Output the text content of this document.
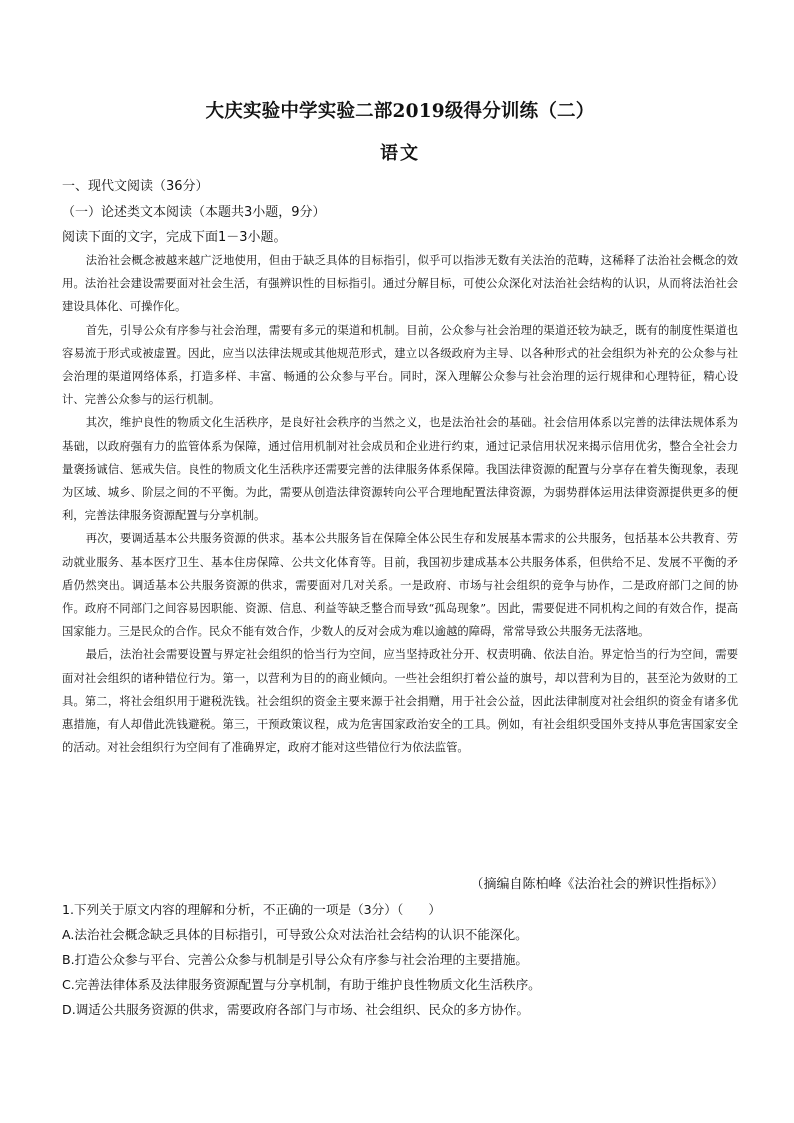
大庆实验中学实验二部2019级得分训练（二）
语文
一、现代文阅读（36分）
（一）论述类文本阅读（本题共3小题，9分）
阅读下面的文字，完成下面1－3小题。

法治社会概念被越来越广泛地使用，但由于缺乏具体的目标指引，似乎可以指涉无数有关法治的范畴，这稀释了法治社会概念的效用。法治社会建设需要面对社会生活，有强辨识性的目标指引。通过分解目标，可使公众深化对法治社会结构的认识，从而将法治社会建设具体化、可操作化。

首先，引导公众有序参与社会治理，需要有多元的渠道和机制。目前，公众参与社会治理的渠道还较为缺乏，既有的制度性渠道也容易流于形式或被虚置。因此，应当以法律法规或其他规范形式，建立以各级政府为主导、以各种形式的社会组织为补充的公众参与社会治理的渠道网络体系，打造多样、丰富、畅通的公众参与平台。同时，深入理解公众参与社会治理的运行规律和心理特征，精心设计、完善公众参与的运行机制。

其次，维护良性的物质文化生活秩序，是良好社会秩序的当然之义，也是法治社会的基础。社会信用体系以完善的法律法规体系为基础，以政府强有力的监管体系为保障，通过信用机制对社会成员和企业进行约束，通过记录信用状况来揭示信用优劣，整合全社会力量褒扬诚信、惩戒失信。良性的物质文化生活秩序还需要完善的法律服务体系保障。我国法律资源的配置与分享存在着失衡现象，表现为区域、城乡、阶层之间的不平衡。为此，需要从创造法律资源转向公平合理地配置法律资源，为弱势群体运用法律资源提供更多的便利，完善法律服务资源配置与分享机制。

再次，要调适基本公共服务资源的供求。基本公共服务旨在保障全体公民生存和发展基本需求的公共服务，包括基本公共教育、劳动就业服务、基本医疗卫生、基本住房保障、公共文化体育等。目前，我国初步建成基本公共服务体系，但供给不足、发展不平衡的矛盾仍然突出。调适基本公共服务资源的供求，需要面对几对关系。一是政府、市场与社会组织的竞争与协作，二是政府部门之间的协作。政府不同部门之间容易因职能、资源、信息、利益等缺乏整合而导致“孤岛现象”。因此，需要促进不同机构之间的有效合作，提高国家能力。三是民众的合作。民众不能有效合作，少数人的反对会成为难以逾越的障碍，常常导致公共服务无法落地。

最后，法治社会需要设置与界定社会组织的恰当行为空间，应当坚持政社分开、权责明确、依法自治。界定恰当的行为空间，需要面对社会组织的诸种错位行为。第一，以营利为目的的商业倾向。一些社会组织打着公益的旗号，却以营利为目的，甚至沦为敛财的工具。第二，将社会组织用于避税洗钱。社会组织的资金主要来源于社会捐赠，用于社会公益，因此法律制度对社会组织的资金有诸多优惠措施，有人却借此洗钱避税。第三，干预政策议程，成为危害国家政治安全的工具。例如，有社会组织受国外支持从事危害国家安全的活动。对社会组织行为空间有了准确界定，政府才能对这些错位行为依法监管。

（摘编自陈柏峰《法治社会的辨识性指标》）
1.下列关于原文内容的理解和分析，不正确的一项是（3分）（　　）
A.法治社会概念缺乏具体的目标指引，可导致公众对法治社会结构的认识不能深化。
B.打造公众参与平台、完善公众参与机制是引导公众有序参与社会治理的主要措施。
C.完善法律体系及法律服务资源配置与分享机制，有助于维护良性物质文化生活秩序。
D.调适公共服务资源的供求，需要政府各部门与市场、社会组织、民众的多方协作。
